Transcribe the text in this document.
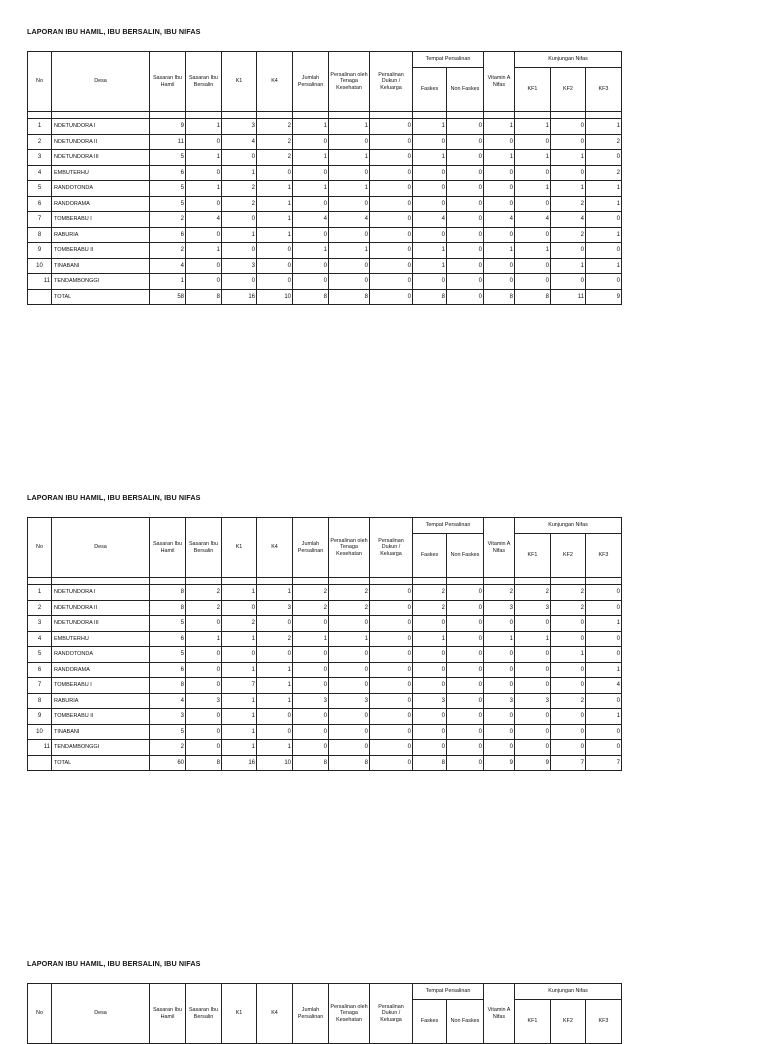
LAPORAN IBU HAMIL, IBU BERSALIN, IBU NIFAS

No	Desa	Sasaran Ibu Hamil	Sasaran Ibu Bersalin	K1	K4	Jumlah Persalinan	Persalinan oleh Tenaga Kesehatan	Persalinan Dukun / Keluarga	Tempat Persalinan		Vitamin A Nifas	Kunjungan Nifas		
									Faskes	Non Faskes		KF1	KF2	KF3

1	NDETUNDORA I	9	1	3	2	1	1	0	1	0	1	1	0	1
2	NDETUNDORA II	11	0	4	2	0	0	0	0	0	0	0	0	2
3	NDETUNDORA III	5	1	0	2	1	1	0	1	0	1	1	1	0
4	EMBUTERHU	6	0	1	0	0	0	0	0	0	0	0	0	2
5	RANDOTONDA	5	1	2	1	1	1	0	0	0	0	1	1	1
6	RANDORAMA	5	0	2	1	0	0	0	0	0	0	0	2	1
7	TOMBERABU I	2	4	0	1	4	4	0	4	0	4	4	4	0
8	RABURIA	6	0	1	1	0	0	0	0	0	0	0	2	1
9	TOMBERABU II	2	1	0	0	1	1	0	1	0	1	1	0	0
10	TINABANI	4	0	3	0	0	0	0	1	0	0	0	1	1
11	TENDAMBONGGI	1	0	0	0	0	0	0	0	0	0	0	0	0
	TOTAL	58	8	16	10	8	8	0	8	0	8	8	11	9

LAPORAN IBU HAMIL, IBU BERSALIN, IBU NIFAS

No	Desa	Sasaran Ibu Hamil	Sasaran Ibu Bersalin	K1	K4	Jumlah Persalinan	Persalinan oleh Tenaga Kesehatan	Persalinan Dukun / Keluarga	Tempat Persalinan		Vitamin A Nifas	Kunjungan Nifas		
									Faskes	Non Faskes		KF1	KF2	KF3

1	NDETUNDORA I	8	2	1	1	2	2	0	2	0	2	2	2	0
2	NDETUNDORA II	8	2	0	3	2	2	0	2	0	3	3	2	0
3	NDETUNDORA III	5	0	2	0	0	0	0	0	0	0	0	0	1
4	EMBUTERHU	6	1	1	2	1	1	0	1	0	1	1	0	0
5	RANDOTONDA	5	0	0	0	0	0	0	0	0	0	0	1	0
6	RANDORAMA	6	0	1	1	0	0	0	0	0	0	0	0	1
7	TOMBERABU I	8	0	7	1	0	0	0	0	0	0	0	0	4
8	RABURIA	4	3	1	1	3	3	0	3	0	3	3	2	0
9	TOMBERABU II	3	0	1	0	0	0	0	0	0	0	0	0	1
10	TINABANI	5	0	1	0	0	0	0	0	0	0	0	0	0
11	TENDAMBONGGI	2	0	1	1	0	0	0	0	0	0	0	0	0
	TOTAL	60	8	16	10	8	8	0	8	0	9	9	7	7

LAPORAN IBU HAMIL, IBU BERSALIN, IBU NIFAS

No	Desa	Sasaran Ibu Hamil	Sasaran Ibu Bersalin	K1	K4	Jumlah Persalinan	Persalinan oleh Tenaga Kesehatan	Persalinan Dukun / Keluarga	Tempat Persalinan		Vitamin A Nifas	Kunjungan Nifas		
									Faskes	Non Faskes		KF1	KF2	KF3
